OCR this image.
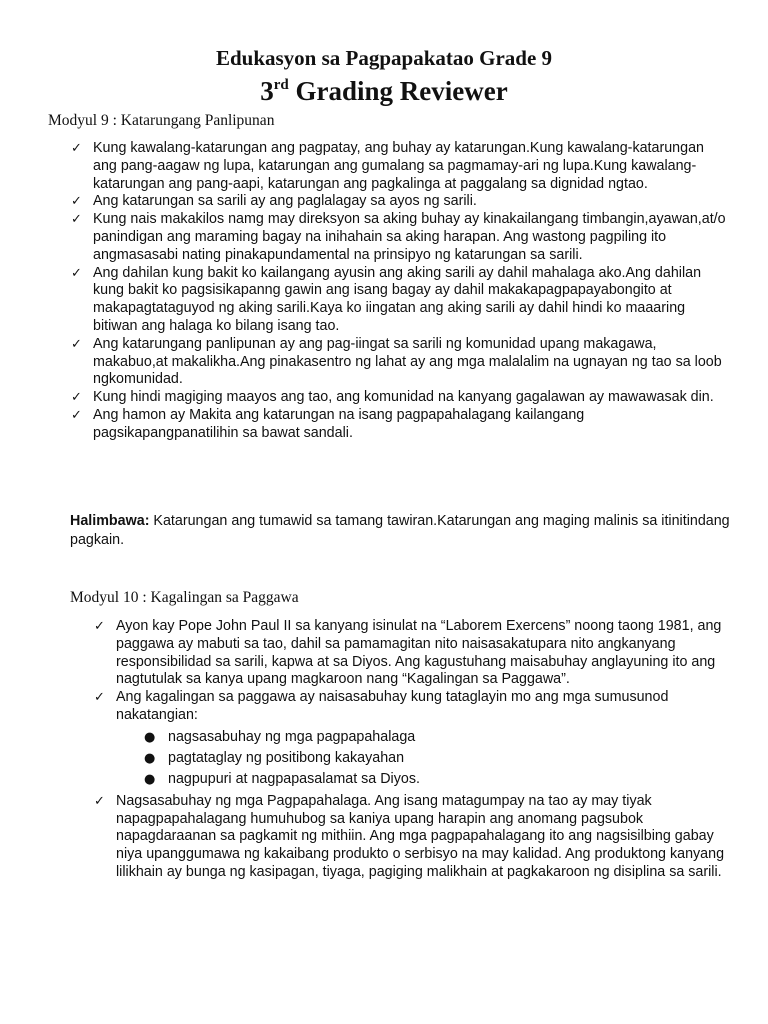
Edukasyon sa Pagpapakatao Grade 9
3rd Grading Reviewer
Modyul 9 : Katarungang Panlipunan
✓ Kung kawalang-katarungan ang pagpatay, ang buhay ay katarungan.Kung kawalang-katarungan ang pang-aagaw ng lupa, katarungan ang gumalang sa pagmamay-ari ng lupa.Kung kawalang-katarungan ang pang-aapi, katarungan ang pagkalinga at paggalang sa dignidad ngtao.
✓ Ang katarungan sa sarili ay ang paglalagay sa ayos ng sarili.
✓ Kung nais makakilos namg may direksyon sa aking buhay ay kinakailangang timbangin,ayawan,at/o panindigan ang maraming bagay na inihahain sa aking harapan. Ang wastong pagpiling ito angmasasabi nating pinakapundamental na prinsipyo ng katarungan sa sarili.
✓ Ang dahilan kung bakit ko kailangang ayusin ang aking sarili ay dahil mahalaga ako.Ang dahilan kung bakit ko pagsisikapanng gawin ang isang bagay ay dahil makakapagpapayabongito at makapagtataguyod ng aking sarili.Kaya ko iingatan ang aking sarili ay dahil hindi ko maaaring bitiwan ang halaga ko bilang isang tao.
✓ Ang katarungang panlipunan ay ang pag-iingat sa sarili ng komunidad upang makagawa, makabuo,at makalikha.Ang pinakasentro ng lahat ay ang mga malalalim na ugnayan ng tao sa loob ngkomunidad.
✓ Kung hindi magiging maayos ang tao, ang komunidad na kanyang gagalawan ay mawawasak din.
✓ Ang hamon ay Makita ang katarungan na isang pagpapahalagang kailangang pagsikapangpanatilihin sa bawat sandali.
Halimbawa: Katarungan ang tumawid sa tamang tawiran.Katarungan ang maging malinis sa itinitindang pagkain.
Modyul 10 : Kagalingan sa Paggawa
✓ Ayon kay Pope John Paul II sa kanyang isinulat na “Laborem Exercens” noong taong 1981, ang paggawa ay mabuti sa tao, dahil sa pamamagitan nito naisasakatupara nito angkanyang responsibilidad sa sarili, kapwa at sa Diyos. Ang kagustuhang maisabuhay anglayuning ito ang nagtutulak sa kanya upang magkaroon nang “Kagalingan sa Paggawa”.
✓ Ang kagalingan sa paggawa ay naisasabuhay kung tataglayin mo ang mga sumusunod nakatangian:
● nagsasabuhay ng mga pagpapahalaga
● pagtataglay ng positibong kakayahan
● nagpupuri at nagpapasalamat sa Diyos.
✓ Nagsasabuhay ng mga Pagpapahalaga. Ang isang matagumpay na tao ay may tiyak napagpapahalagang humuhubog sa kaniya upang harapin ang anomang pagsubok napagdaraanan sa pagkamit ng mithiin. Ang mga pagpapahalagang ito ang nagsisilbing gabay niya upanggumawa ng kakaibang produkto o serbisyo na may kalidad. Ang produktong kanyang lilikhain ay bunga ng kasipagan, tiyaga, pagiging malikhain at pagkakaroon ng disiplina sa sarili.
